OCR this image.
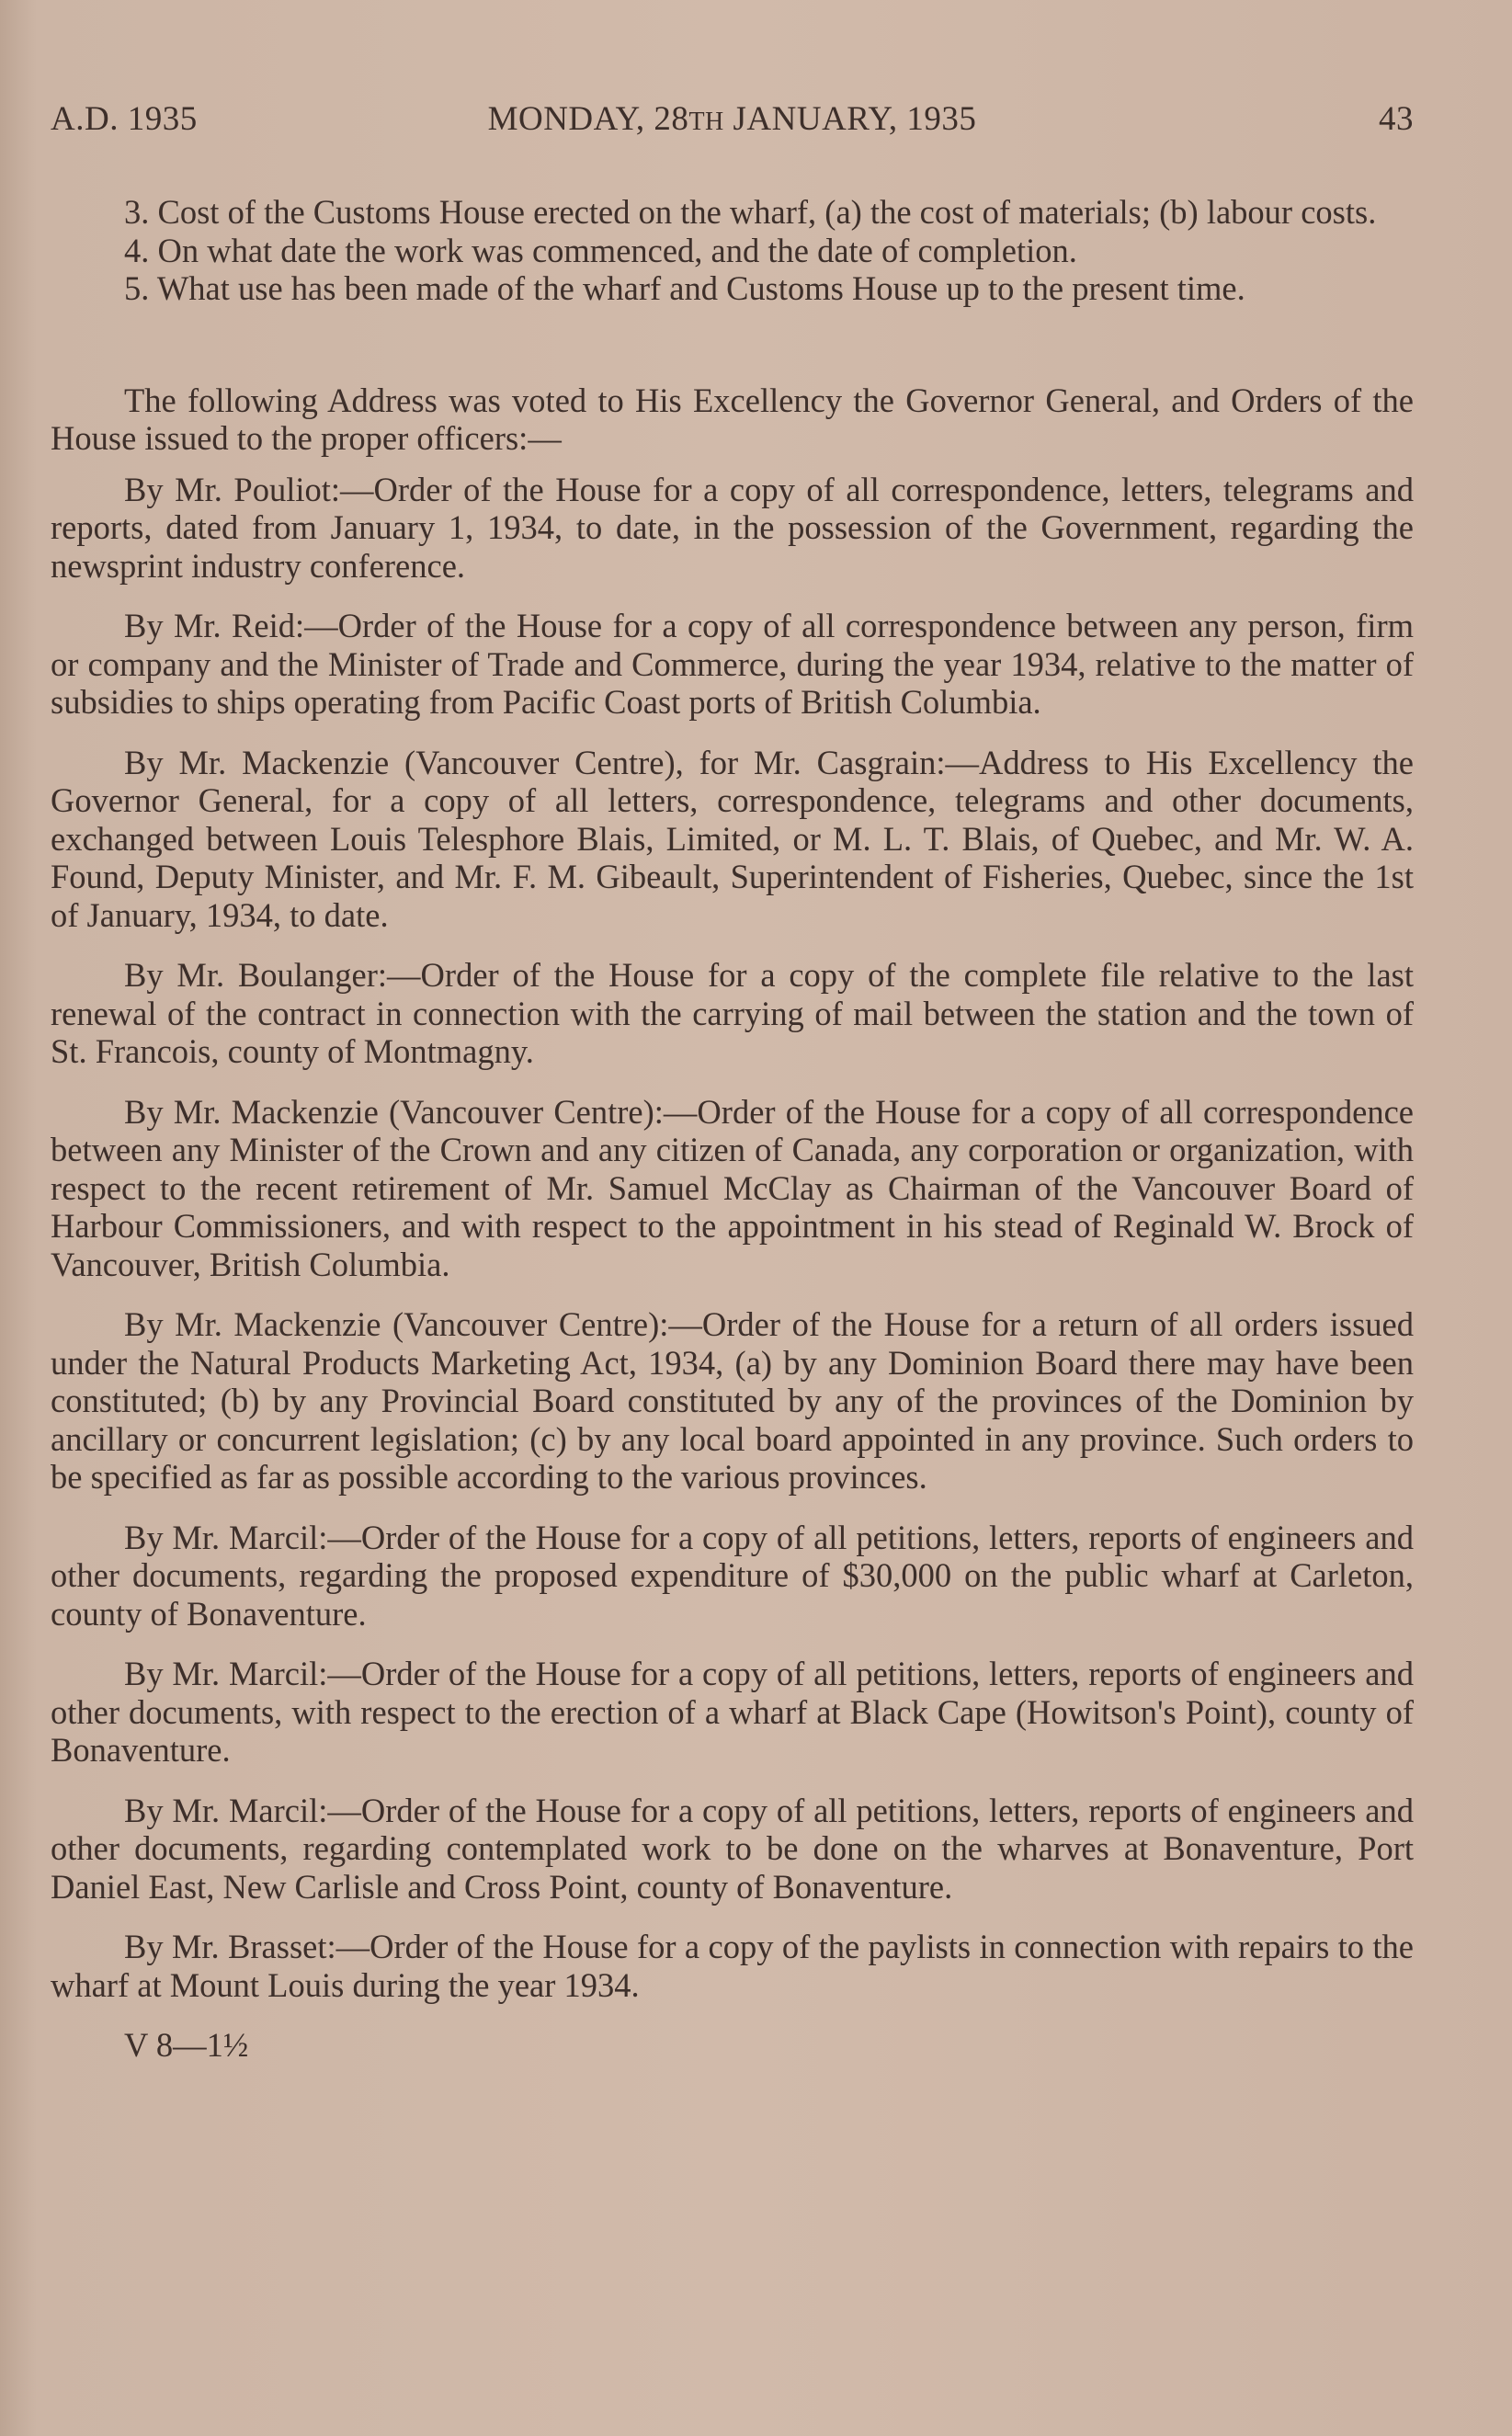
A.D. 1935	MONDAY, 28TH JANUARY, 1935	43

3. Cost of the Customs House erected on the wharf, (a) the cost of materials; (b) labour costs.

4. On what date the work was commenced, and the date of completion.

5. What use has been made of the wharf and Customs House up to the present time.

The following Address was voted to His Excellency the Governor General, and Orders of the House issued to the proper officers:—

By Mr. Pouliot:—Order of the House for a copy of all correspondence, letters, telegrams and reports, dated from January 1, 1934, to date, in the possession of the Government, regarding the newsprint industry conference.

By Mr. Reid:—Order of the House for a copy of all correspondence between any person, firm or company and the Minister of Trade and Commerce, during the year 1934, relative to the matter of subsidies to ships operating from Pacific Coast ports of British Columbia.

By Mr. Mackenzie (Vancouver Centre), for Mr. Casgrain:—Address to His Excellency the Governor General, for a copy of all letters, correspondence, telegrams and other documents, exchanged between Louis Telesphore Blais, Limited, or M. L. T. Blais, of Quebec, and Mr. W. A. Found, Deputy Minister, and Mr. F. M. Gibeault, Superintendent of Fisheries, Quebec, since the 1st of January, 1934, to date.

By Mr. Boulanger:—Order of the House for a copy of the complete file relative to the last renewal of the contract in connection with the carrying of mail between the station and the town of St. Francois, county of Montmagny.

By Mr. Mackenzie (Vancouver Centre):—Order of the House for a copy of all correspondence between any Minister of the Crown and any citizen of Canada, any corporation or organization, with respect to the recent retirement of Mr. Samuel McClay as Chairman of the Vancouver Board of Harbour Commissioners, and with respect to the appointment in his stead of Reginald W. Brock of Vancouver, British Columbia.

By Mr. Mackenzie (Vancouver Centre):—Order of the House for a return of all orders issued under the Natural Products Marketing Act, 1934, (a) by any Dominion Board there may have been constituted; (b) by any Provincial Board constituted by any of the provinces of the Dominion by ancillary or concurrent legislation; (c) by any local board appointed in any province. Such orders to be specified as far as possible according to the various provinces.

By Mr. Marcil:—Order of the House for a copy of all petitions, letters, reports of engineers and other documents, regarding the proposed expenditure of $30,000 on the public wharf at Carleton, county of Bonaventure.

By Mr. Marcil:—Order of the House for a copy of all petitions, letters, reports of engineers and other documents, with respect to the erection of a wharf at Black Cape (Howitson's Point), county of Bonaventure.

By Mr. Marcil:—Order of the House for a copy of all petitions, letters, reports of engineers and other documents, regarding contemplated work to be done on the wharves at Bonaventure, Port Daniel East, New Carlisle and Cross Point, county of Bonaventure.

By Mr. Brasset:—Order of the House for a copy of the paylists in connection with repairs to the wharf at Mount Louis during the year 1934.

V 8—1½
